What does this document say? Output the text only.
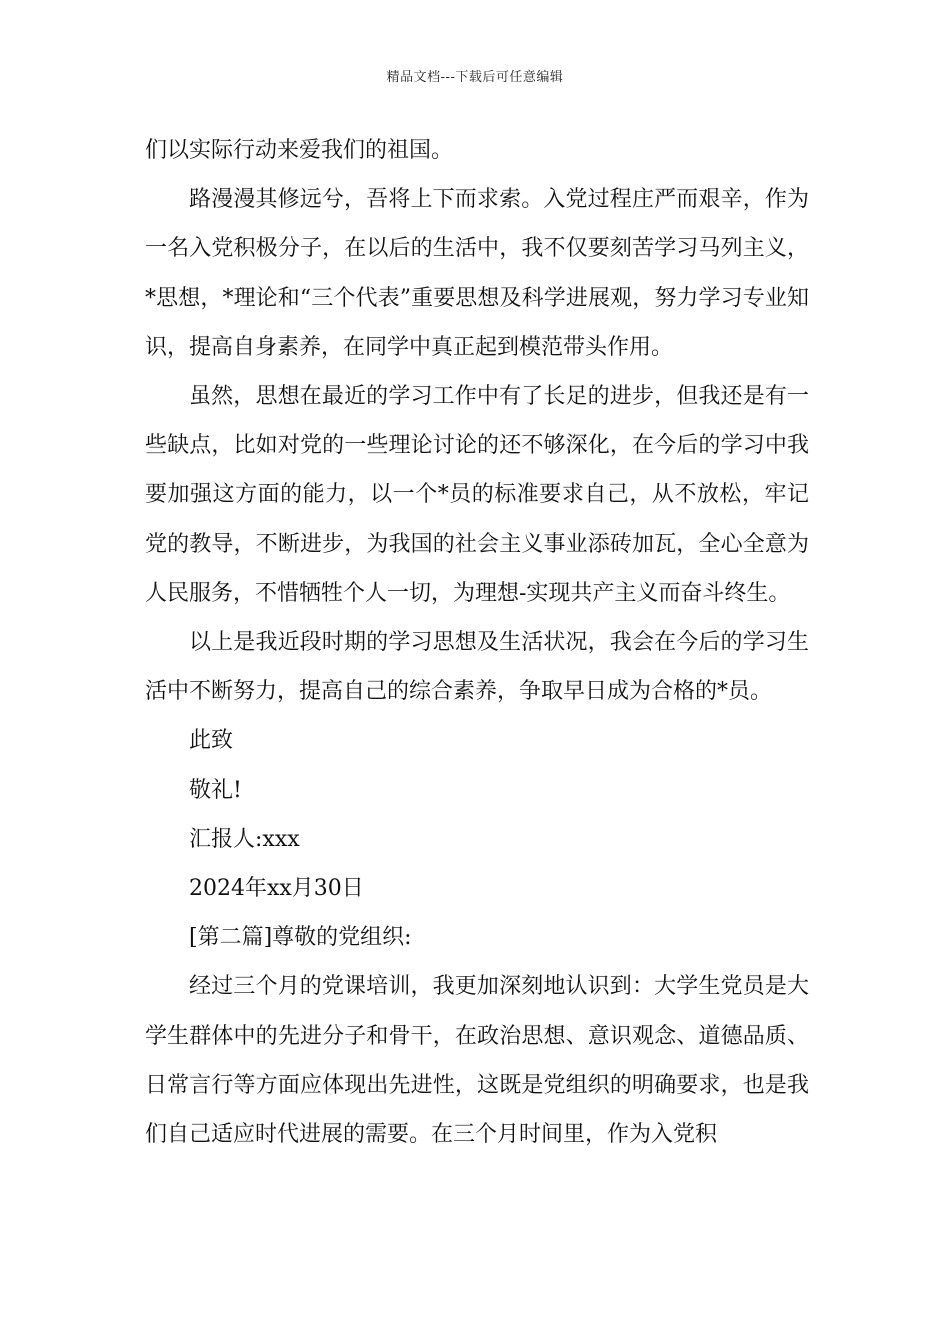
精品文档---下载后可任意编辑

们以实际行动来爱我们的祖国。

路漫漫其修远兮，吾将上下而求索。入党过程庄严而艰辛，作为一名入党积极分子，在以后的生活中，我不仅要刻苦学习马列主义，*思想，*理论和“三个代表”重要思想及科学进展观，努力学习专业知识，提高自身素养，在同学中真正起到模范带头作用。

虽然，思想在最近的学习工作中有了长足的进步，但我还是有一些缺点，比如对党的一些理论讨论的还不够深化，在今后的学习中我要加强这方面的能力，以一个*员的标准要求自己，从不放松，牢记党的教导，不断进步，为我国的社会主义事业添砖加瓦，全心全意为人民服务，不惜牺牲个人一切，为理想-实现共产主义而奋斗终生。

以上是我近段时期的学习思想及生活状况，我会在今后的学习生活中不断努力，提高自己的综合素养，争取早日成为合格的*员。

此致

敬礼!

汇报人:xxx

2024年xx月30日

[第二篇]尊敬的党组织:

经过三个月的党课培训，我更加深刻地认识到：大学生党员是大学生群体中的先进分子和骨干，在政治思想、意识观念、道德品质、日常言行等方面应体现出先进性，这既是党组织的明确要求，也是我们自己适应时代进展的需要。在三个月时间里，作为入党积
